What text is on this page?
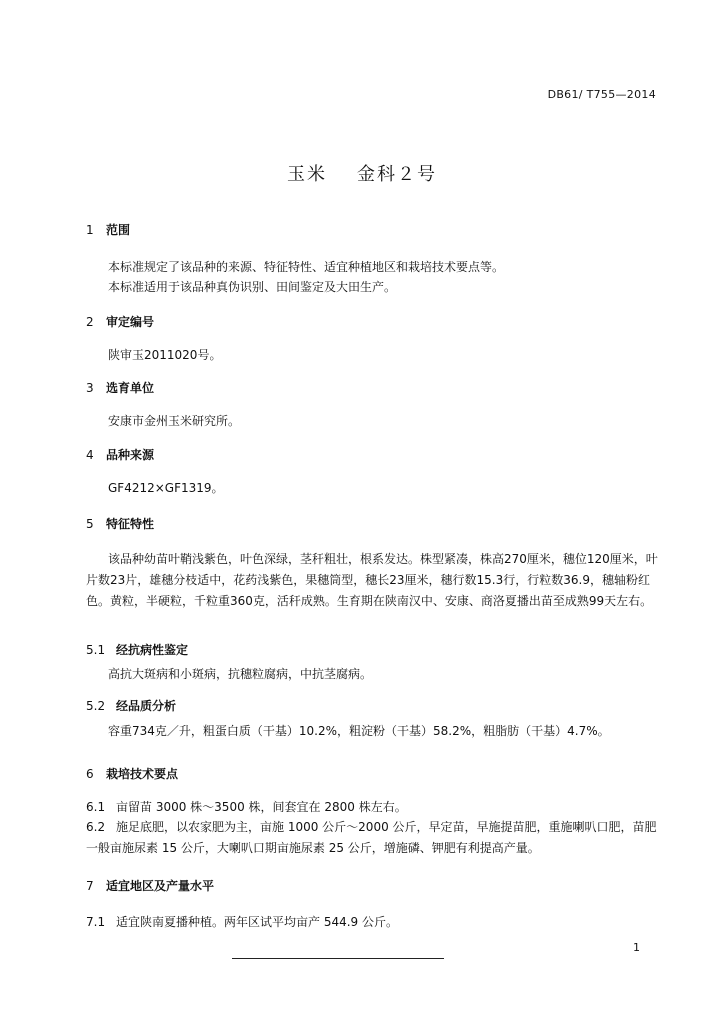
DB61/ T755—2014
玉米 金科２号
1 范围
本标准规定了该品种的来源、特征特性、适宜种植地区和栽培技术要点等。
本标准适用于该品种真伪识别、田间鉴定及大田生产。
2 审定编号
陕审玉2011020号。
3 选育单位
安康市金州玉米研究所。
4 品种来源
GF4212×GF1319。
5 特征特性
该品种幼苗叶鞘浅紫色，叶色深绿，茎秆粗壮，根系发达。株型紧凑，株高270厘米，穗位120厘米，叶片数23片，雄穗分枝适中，花药浅紫色，果穗筒型，穗长23厘米，穗行数15.3行，行粒数36.9，穗轴粉红色。黄粒，半硬粒，千粒重360克，活秆成熟。生育期在陕南汉中、安康、商洛夏播出苗至成熟99天左右。
5.1 经抗病性鉴定
高抗大斑病和小斑病，抗穗粒腐病，中抗茎腐病。
5.2 经品质分析
容重734克／升，粗蛋白质（干基）10.2%，粗淀粉（干基）58.2%，粗脂肪（干基）4.7%。
6 栽培技术要点
6.1 亩留苗 3000 株～3500 株，间套宜在 2800 株左右。
6.2 施足底肥，以农家肥为主，亩施 1000 公斤～2000 公斤，早定苗，早施提苗肥，重施喇叭口肥，苗肥一般亩施尿素 15 公斤，大喇叭口期亩施尿素 25 公斤，增施磷、钾肥有利提高产量。
7 适宜地区及产量水平
7.1 适宜陕南夏播种植。两年区试平均亩产 544.9 公斤。
1
